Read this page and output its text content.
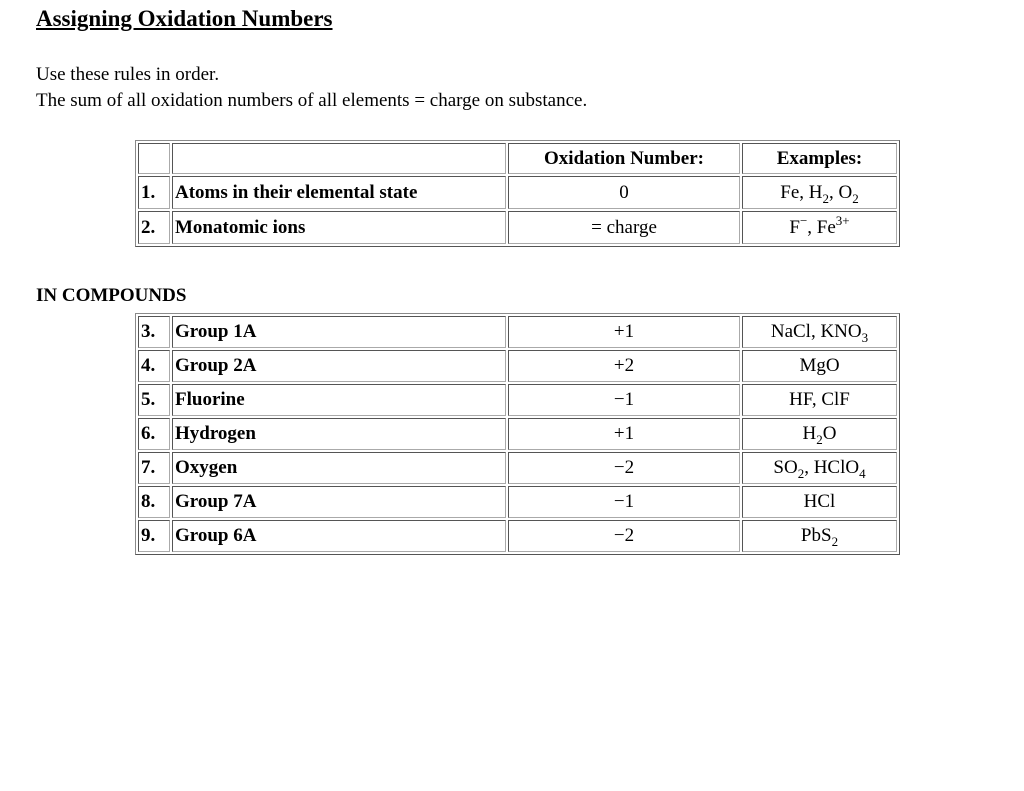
Assigning Oxidation Numbers
Use these rules in order.
The sum of all oxidation numbers of all elements = charge on substance.
		Oxidation Number:	Examples:
1.	Atoms in their elemental state	0	Fe, $H_2$, $O_2$
2.	Monatomic ions	= charge	F−, $Fe^{3+}$
IN COMPOUNDS
3.	Group 1A	+1	NaCl, $KNO_3$
4.	Group 2A	+2	MgO
5.	Fluorine	−1	HF, ClF
6.	Hydrogen	+1	$H_2O$
7.	Oxygen	−2	$SO_2$, HClO$_4$
8.	Group 7A	−1	HCl
9.	Group 6A	−2	PbS$_2$
